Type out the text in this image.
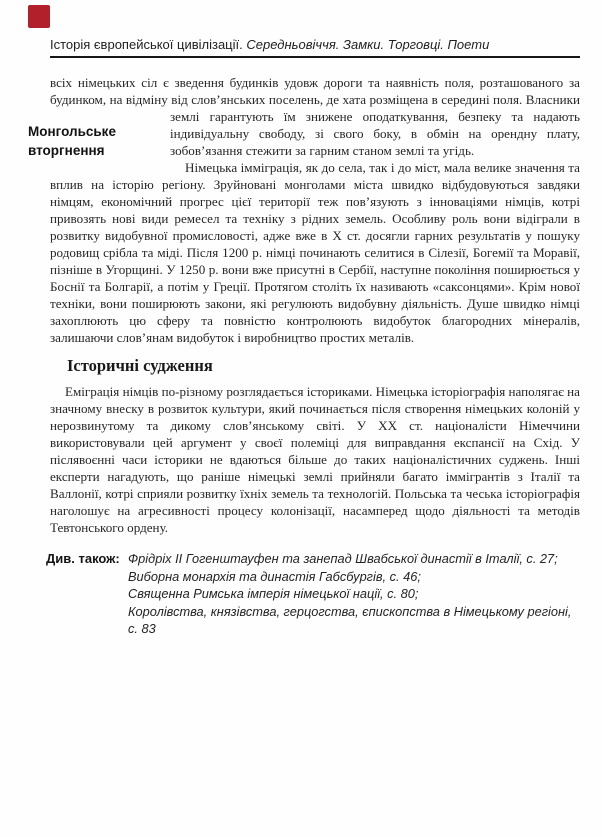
Історія європейської цивілізації. Середньовіччя. Замки. Торговці. Поети
Монгольське
вторгнення

всіх німецьких сіл є зведення будинків удовж дороги та наявність поля, розташованого за будинком, на відміну від слов’янських поселень, де хата розміщена в середині поля. Власники землі гарантують їм знижене оподаткування, безпеку та надають індивідуальну свободу, зі свого боку, в обмін на орендну плату, зобов’язання стежити за гарним станом землі та угідь.

Німецька імміграція, як до села, так і до міст, мала велике значення та вплив на історію регіону. Зруйновані монголами міста швидко відбудовуються завдяки німцям, економічний прогрес цієї території теж пов’язують з інноваціями німців, котрі привозять нові види ремесел та техніку з рідних земель. Особливу роль вони відіграли в розвитку видобувної промисловості, адже вже в X ст. досягли гарних результатів у пошуку родовищ срібла та міді. Після 1200 р. німці починають селитися в Сілезії, Богемії та Моравії, пізніше в Угорщині. У 1250 р. вони вже присутні в Сербії, наступне покоління поширюється у Боснії та Болгарії, а потім у Греції. Протягом століть їх називають «саксонцями». Крім нової техніки, вони поширюють закони, які регулюють видобувну діяльність. Душе швидко німці захоплюють цю сферу та повністю контролюють видобуток благородних мінералів, залишаючи слов’янам видобуток і виробництво простих металів.

Історичні судження

Еміграція німців по-різному розглядається істориками. Німецька історіографія наполягає на значному внеску в розвиток культури, який починається після створення німецьких колоній у нерозвинутому та дикому слов’янському світі. У XX ст. націоналісти Німеччини використовували цей аргумент у своєї полеміці для виправдання експансії на Схід. У післявоєнні часи історики не вдаються більше до таких націоналістичних суджень. Інші експерти нагадують, що раніше німецькі землі прийняли багато іммігрантів з Італії та Валлонії, котрі сприяли розвитку їхніх земель та технологій. Польська та чеська історіографія наголошує на агресивності процесу колонізації, насамперед щодо діяльності та методів Тевтонського ордену.

Див. також: Фрідріх II Гогенштауфен та занепад Швабської династії в Італії, с. 27;
Виборна монархія та династія Габсбургів, с. 46;
Священна Римська імперія німецької нації, с. 80;
Королівства, князівства, герцогства, єпископства в Німецькому регіоні, с. 83
